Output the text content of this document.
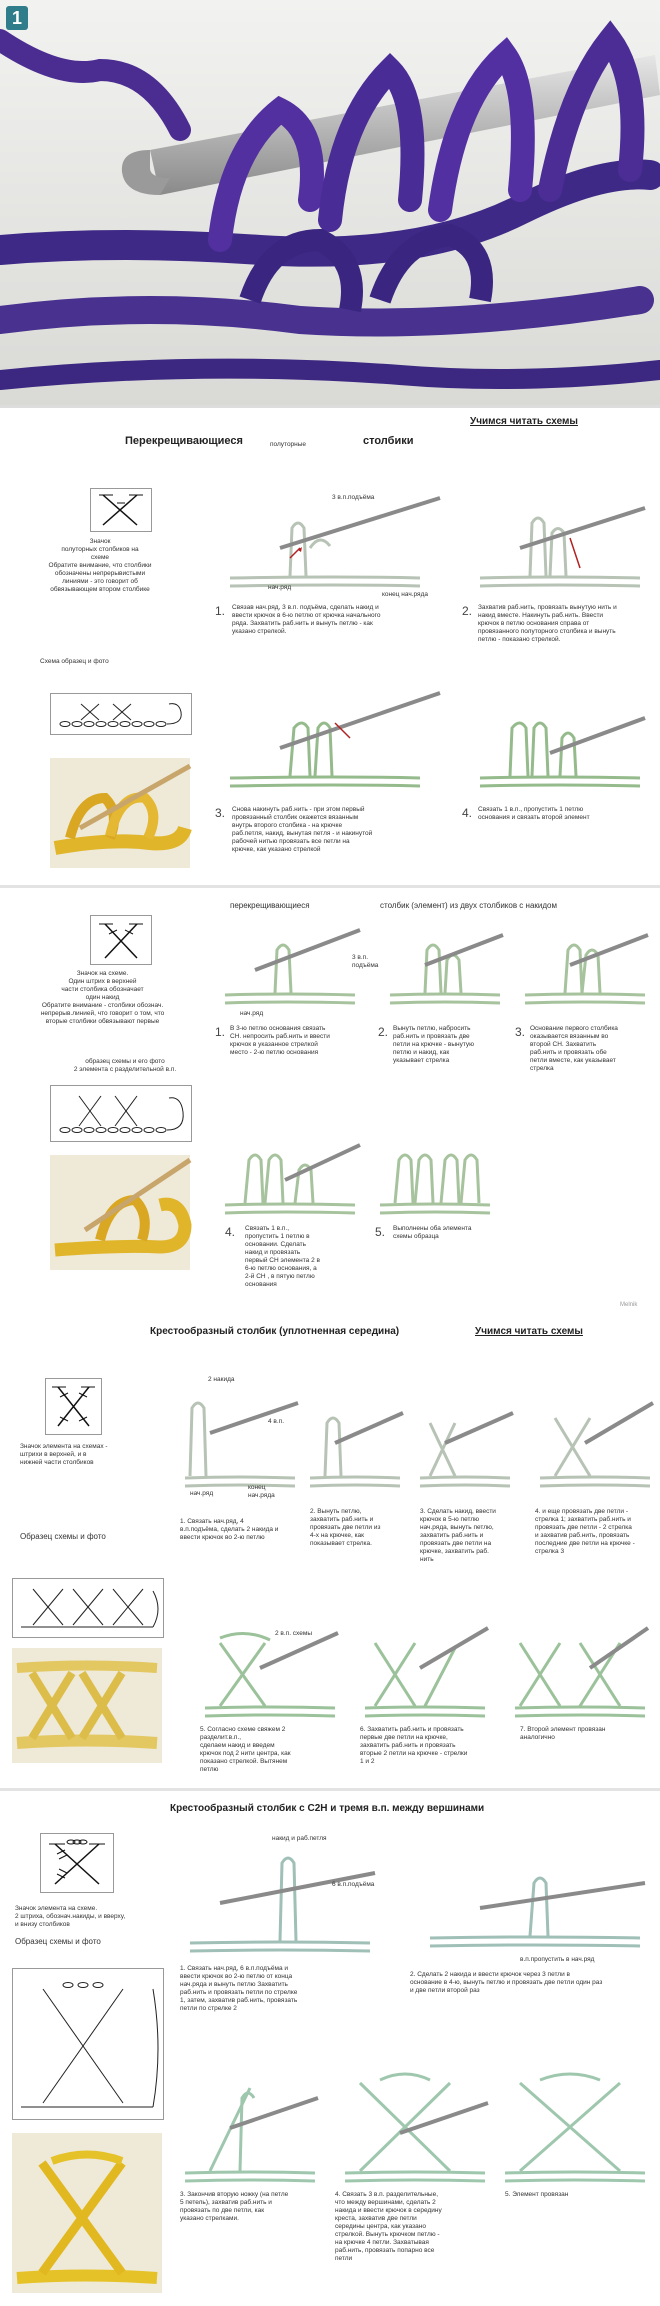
1
Учимся читать схемы
Перекрещивающиеся	полуторные	столбики
Значок
полуторных столбиков на
схеме
Обратите внимание, что столбики
обозначены непрерывистыми
линиями - это говорит об
обвязывающем втором столбике
Схема образец и фото
3 в.п.подъёма
нач.ряд
конец нач.ряда
1. Связав нач.ряд, 3 в.п. подъёма, сделать накид и
ввести крючок в 6-ю петлю от крючка начального
ряда. Захватить раб.нить и вынуть петлю - как
указано стрелкой.
2. Захватив раб.нить, провязать вынутую нить и
накид вместе. Накинуть раб.нить. Ввести
крючок в петлю основания справа от
провязанного полуторного столбика и вынуть
петлю - показано стрелкой.
3. Снова накинуть раб.нить - при этом первый
провязанный столбик окажется вязанным
внутрь второго столбика - на крючке
раб.петля, накид, вынутая петля - и накинутой
рабочей нитью провязать все петли на
крючке, как указано стрелкой
4. Связать 1 в.п., пропустить 1 петлю
основания и связать второй элемент
перекрещивающиеся	столбик (элемент) из двух столбиков с накидом
Значок на схеме.
Один штрих в верхней
части столбика обозначает
один накид
Обратите внимание - столбики обознач.
непрерыв.линией, что говорит о том, что
вторые столбики обвязывают первые
образец схемы и его фото
2 элемента с разделительной в.п.
3 в.п.
подъёма
нач.ряд
1. В 3-ю петлю основания связать
СН. непросить раб.нить и ввести
крючок в указанное стрелкой
место - 2-ю петлю основания
2. Вынуть петлю, набросить
раб.нить и провязать две
петли на крючке - вынутую
петлю и накид, как
указывает стрелка
3. Основание первого столбика
оказывается вязанным во
второй СН. Захватить
раб.нить и провязать обе
петли вместе, как указывает
стрелка
4. Связать 1 в.п.,
пропустить 1 петлю в
основании. Сделать
накид и провязать
первый СН элемента 2 в
6-ю петлю основания, а
2-й СН , в пятую петлю
основания
5. Выполнены оба элемента
схемы образца
Melnik
Крестообразный столбик (уплотненная середина)	Учимся читать схемы
Значок элемента на схемах -
штрихи в верхней, и в
нижней части столбиков
Образец схемы и фото
2 накида
4 в.п.
нач.ряд
конец
нач.ряда
1. Связать нач.ряд, 4
в.п.подъёма, сделать 2 накида и
ввести крючок во 2-ю петлю
2. Вынуть петлю,
захватить раб.нить и
провязать две петли из
4-х на крючке, как
показывает стрелка.
3. Сделать накид, ввести
крючок в 5-ю петлю
нач.ряда, вынуть петлю,
захватить раб.нить и
провязать две петли на
крючке, захватить раб.
нить
4. и еще провязать две петли -
стрелка 1; захватить раб.нить и
провязать две петли - 2 стрелка
и захватив раб.нить, провязать
последние две петли на крючке -
стрелка 3
2 в.п. схемы
5. Согласно схеме свяжем 2
разделит.в.п.,
сделаем накид и введем
крючок под 2 нити центра, как
показано стрелкой. Вытянем
петлю
6. Захватить раб.нить и провязать
первые две петли на крючке,
захватить раб.нить и провязать
вторые 2 петли на крючке - стрелки
1 и 2
7. Второй элемент провязан
аналогично
Крестообразный столбик с С2Н и тремя в.п. между вершинами
Значок элемента на схеме.
2 штриха, обознач.накиды, и вверху,
и внизу столбиков
Образец схемы и фото
накид и раб.петля
6 в.п.подъёма
1. Связать нач.ряд, 6 в.п.подъёма и
ввести крючок во 2-ю петлю от конца
нач.ряда и вынуть петлю Захватить
раб.нить и провязать петли по стрелке
1, затем, захватив раб.нить, провязать
петли по стрелке 2
в.п.пропустить в нач.ряд
2. Сделать 2 накида и ввести крючок через 3 петли в
основание в 4-ю, вынуть петлю и провязать две петли один раз
и две петли второй раз
3. Закончив вторую ножку (на петле
5 петель), захватив раб.нить и
провязать по две петли, как
указано стрелками.
4. Связать 3 в.п. разделительные,
что между вершинами, сделать 2
накида и ввести крючок в середину
креста, захватив две петли
середины центра, как указано
стрелкой. Вынуть крючком петлю -
на крючке 4 петли. Захватывая
раб.нить, провязать попарно все
петли
5. Элемент провязан
